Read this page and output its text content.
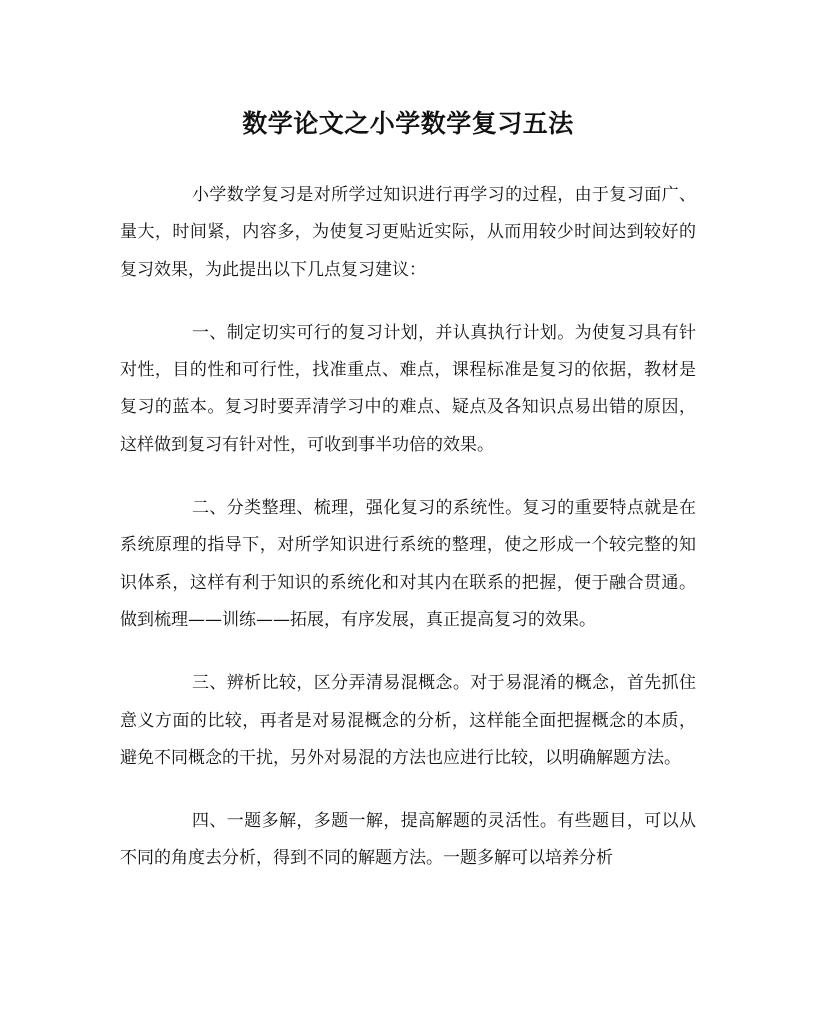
数学论文之小学数学复习五法

小学数学复习是对所学过知识进行再学习的过程，由于复习面广、量大，时间紧，内容多，为使复习更贴近实际，从而用较少时间达到较好的复习效果，为此提出以下几点复习建议：

一、制定切实可行的复习计划，并认真执行计划。为使复习具有针对性，目的性和可行性，找准重点、难点，课程标准是复习的依据，教材是复习的蓝本。复习时要弄清学习中的难点、疑点及各知识点易出错的原因，这样做到复习有针对性，可收到事半功倍的效果。

二、分类整理、梳理，强化复习的系统性。复习的重要特点就是在系统原理的指导下，对所学知识进行系统的整理，使之形成一个较完整的知识体系，这样有利于知识的系统化和对其内在联系的把握，便于融合贯通。做到梳理——训练——拓展，有序发展，真正提高复习的效果。

三、辨析比较，区分弄清易混概念。对于易混淆的概念，首先抓住意义方面的比较，再者是对易混概念的分析，这样能全面把握概念的本质，避免不同概念的干扰，另外对易混的方法也应进行比较，以明确解题方法。

四、一题多解，多题一解，提高解题的灵活性。有些题目，可以从不同的角度去分析，得到不同的解题方法。一题多解可以培养分析
